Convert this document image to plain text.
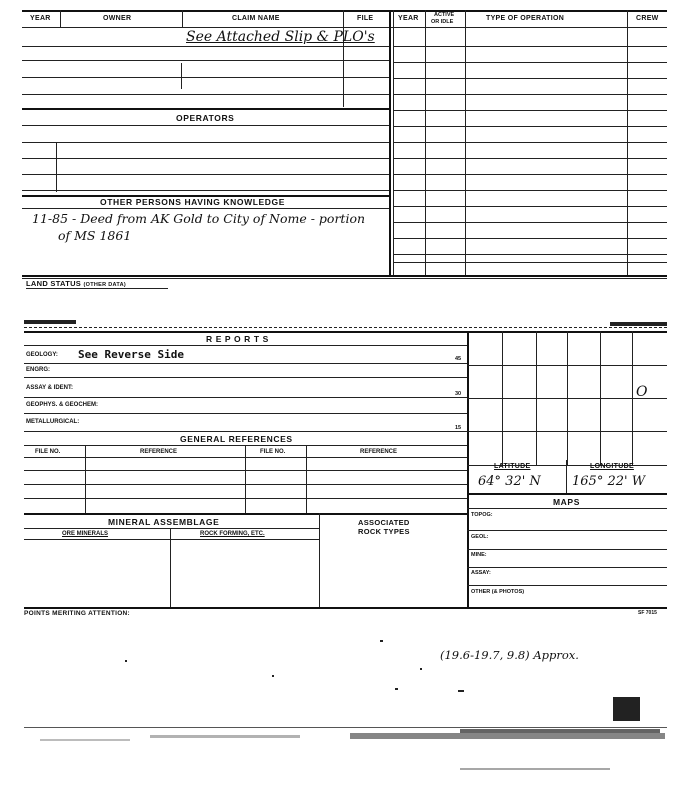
YEAR	OWNER	CLAIM NAME	FILE	YEAR	ACTIVE
OR IDLE	TYPE OF OPERATION	CREW
OPERATORS
OTHER PERSONS HAVING KNOWLEDGE
See Attached Slip & PLO's
11-85 - Deed from AK Gold to City of Nome - portion
of MS 1861
LAND STATUS (OTHER DATA)
R E P O R T S
GEOLOGY: See Reverse Side	45
ENGRG:
ASSAY & IDENT:
30
GEOPHYS. & GEOCHEM:
METALLURGICAL:
15
GENERAL REFERENCES
FILE NO.	REFERENCE	FILE NO.	REFERENCE
MINERAL ASSEMBLAGE	ASSOCIATED
ROCK TYPES
ORE MINERALS	ROCK FORMING, ETC.
O
LATITUDE	LONGITUDE
64° 32' N 165° 22' W
MAPS
TOPOG:
GEOL:
MINE:
ASSAY:
OTHER (& PHOTOS)
POINTS MERITING ATTENTION:	SF 7015
(19.6-19.7, 9.8) Approx.
